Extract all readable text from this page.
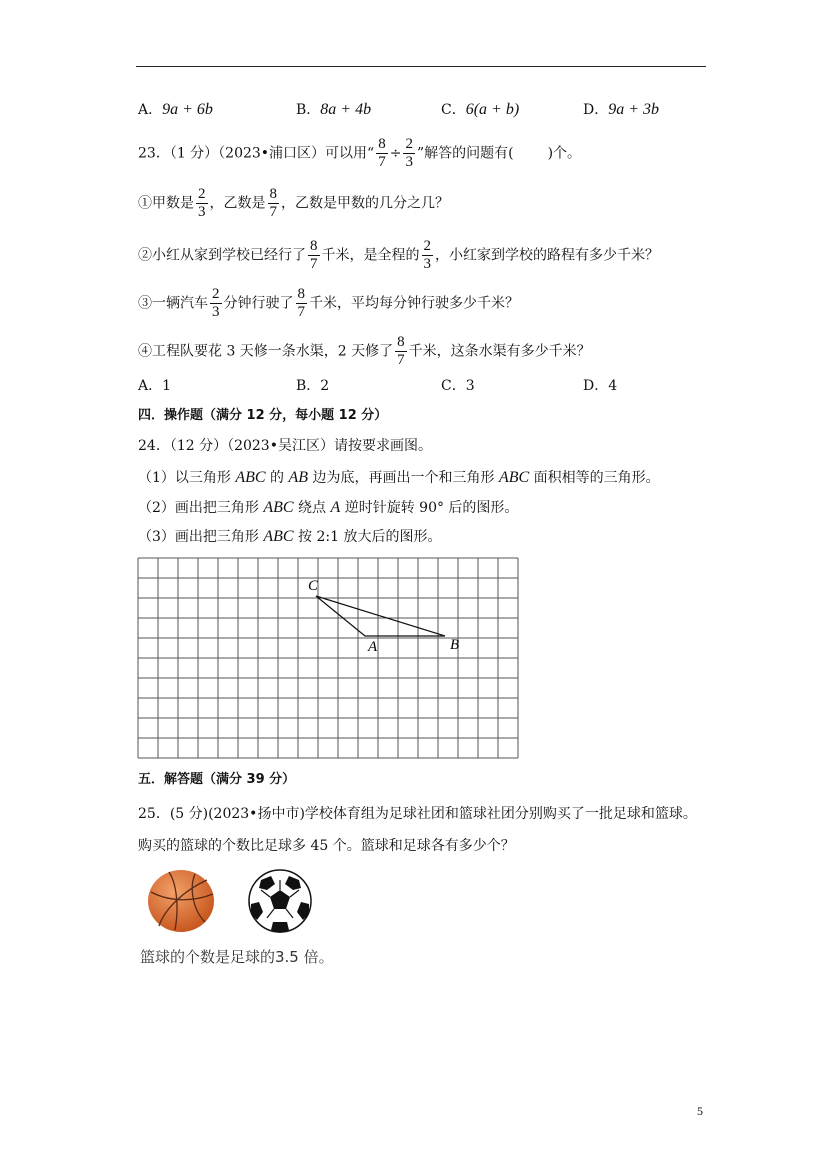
A．9a + 6b	B．8a + 4b	C．6(a + b)	D．9a + 3b
23．（1 分）（2023•浦口区）可以用“ $\frac{8}{7} \div \frac{2}{3}$ ”解答的问题有( )个。
①甲数是 $\frac{2}{3}$ ，乙数是 $\frac{8}{7}$ ，乙数是甲数的几分之几？
②小红从家到学校已经行了 $\frac{8}{7}$ 千米，是全程的 $\frac{2}{3}$ ，小红家到学校的路程有多少千米？
③一辆汽车 $\frac{2}{3}$ 分钟行驶了 $\frac{8}{7}$ 千米，平均每分钟行驶多少千米？
④工程队要花 3 天修一条水渠，2 天修了 $\frac{8}{7}$ 千米，这条水渠有多少千米？
A．1	B．2	C．3	D．4
四．操作题（满分 12 分，每小题 12 分）
24．（12 分）（2023•吴江区）请按要求画图。
（1）以三角形 ABC 的 AB 边为底，再画出一个和三角形 ABC 面积相等的三角形。
（2）画出把三角形 ABC 绕点 A 逆时针旋转 90° 后的图形。
（3）画出把三角形 ABC 按 2:1 放大后的图形。
C
A	B
五．解答题（满分 39 分）
25．(5 分)(2023•扬中市)学校体育组为足球社团和篮球社团分别购买了一批足球和篮球。
购买的篮球的个数比足球多 45 个。篮球和足球各有多少个？
篮球的个数是足球的3.5 倍。
5
